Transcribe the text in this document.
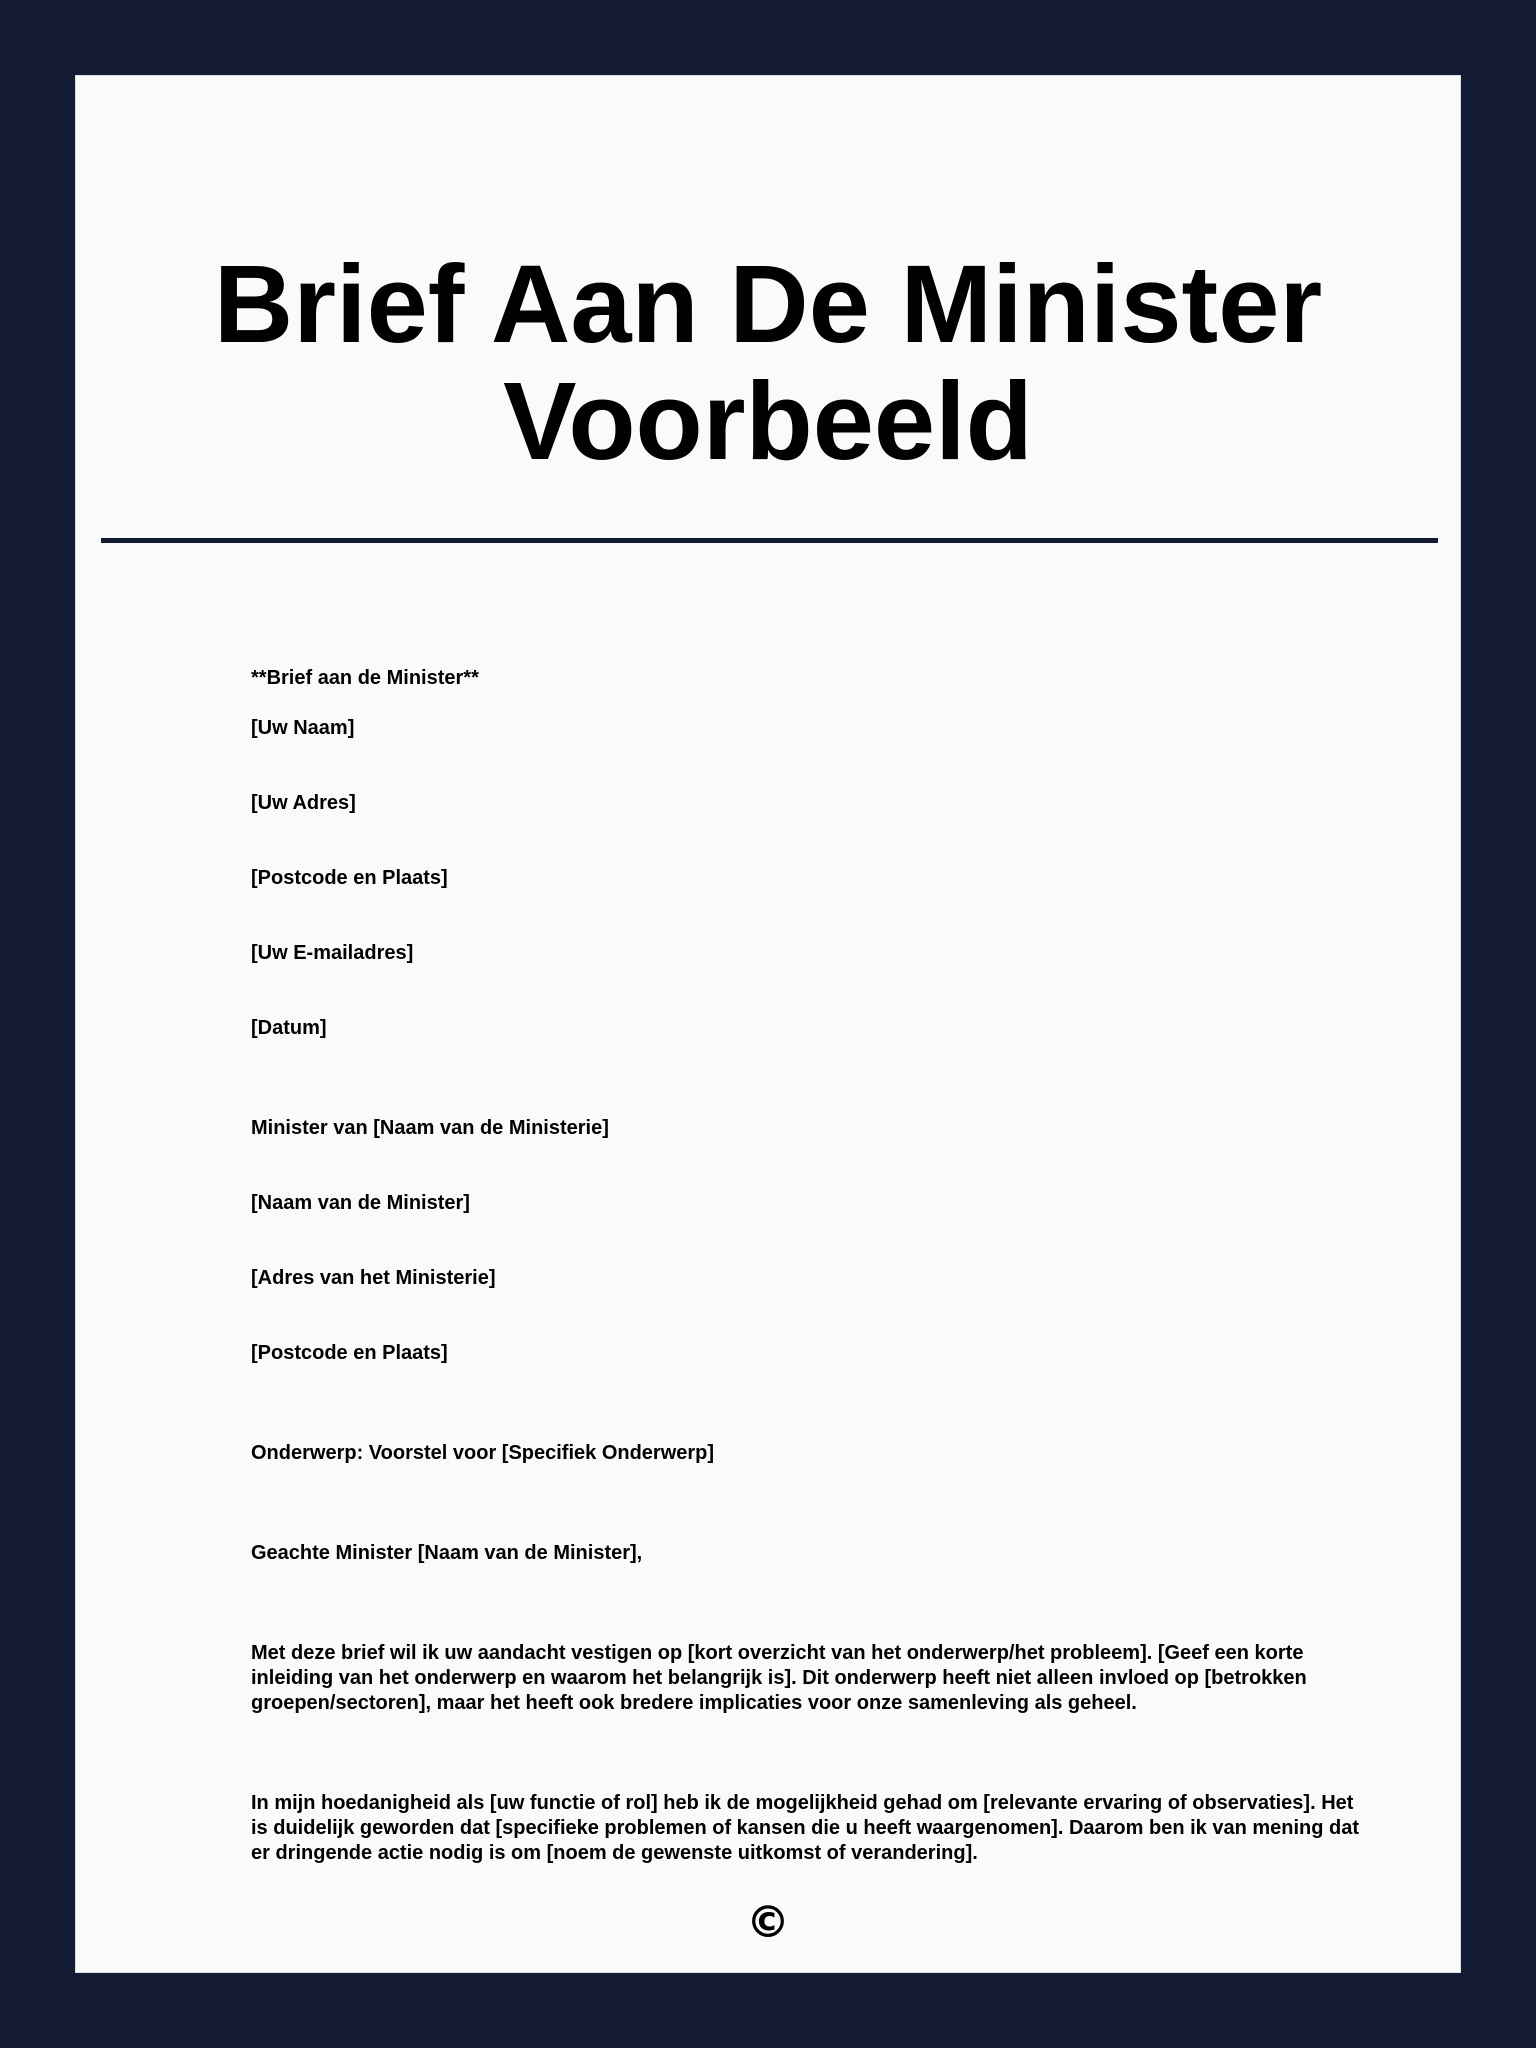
Brief Aan De Minister Voorbeeld

**Brief aan de Minister**

[Uw Naam]

[Uw Adres]

[Postcode en Plaats]

[Uw E-mailadres]

[Datum]

Minister van [Naam van de Ministerie]

[Naam van de Minister]

[Adres van het Ministerie]

[Postcode en Plaats]

Onderwerp: Voorstel voor [Specifiek Onderwerp]

Geachte Minister [Naam van de Minister],

Met deze brief wil ik uw aandacht vestigen op [kort overzicht van het onderwerp/het probleem]. [Geef een korte inleiding van het onderwerp en waarom het belangrijk is]. Dit onderwerp heeft niet alleen invloed op [betrokken groepen/sectoren], maar het heeft ook bredere implicaties voor onze samenleving als geheel.

In mijn hoedanigheid als [uw functie of rol] heb ik de mogelijkheid gehad om [relevante ervaring of observaties]. Het is duidelijk geworden dat [specifieke problemen of kansen die u heeft waargenomen]. Daarom ben ik van mening dat er dringende actie nodig is om [noem de gewenste uitkomst of verandering].

©
